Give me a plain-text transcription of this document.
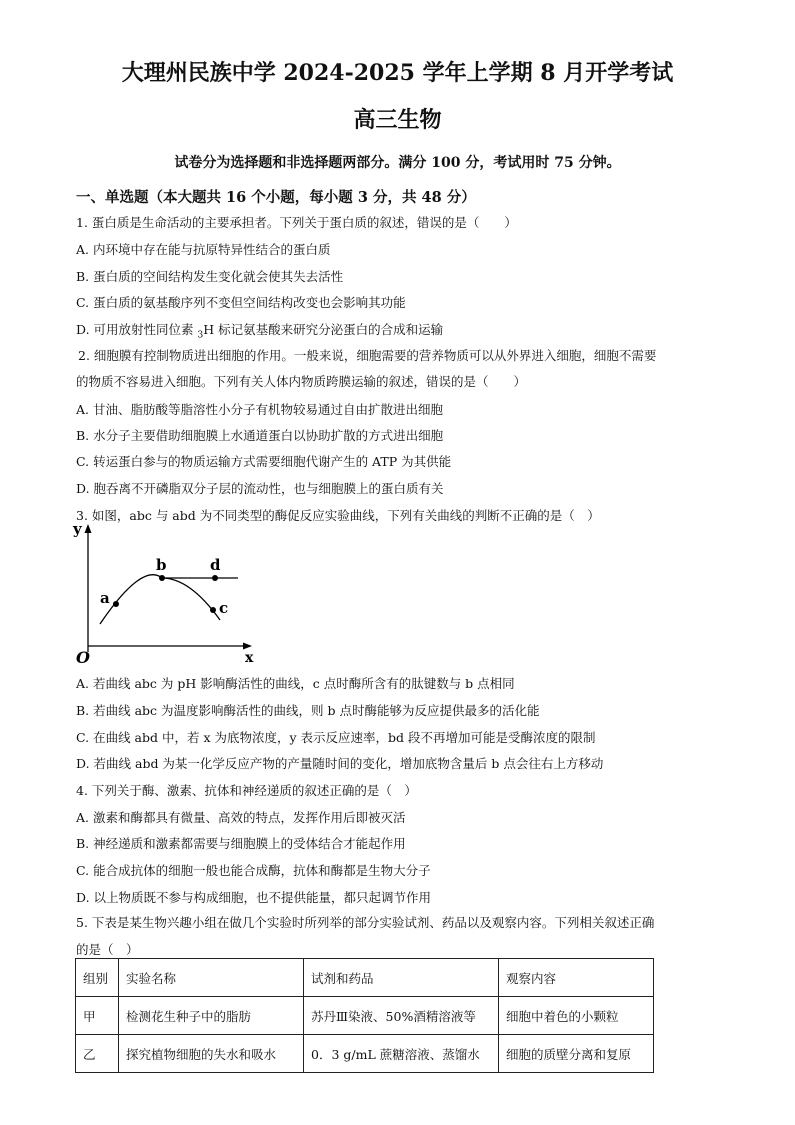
大理州民族中学 2024-2025 学年上学期 8 月开学考试
高三生物
试卷分为选择题和非选择题两部分。满分 100 分，考试用时 75 分钟。
一、单选题（本大题共 16 个小题，每小题 3 分，共 48 分）
1. 蛋白质是生命活动的主要承担者。下列关于蛋白质的叙述，错误的是（　　）
A. 内环境中存在能与抗原特异性结合的蛋白质
B. 蛋白质的空间结构发生变化就会使其失去活性
C. 蛋白质的氨基酸序列不变但空间结构改变也会影响其功能
D. 可用放射性同位素 $_3$H 标记氨基酸来研究分泌蛋白的合成和运输
2. 细胞膜有控制物质进出细胞的作用。一般来说，细胞需要的营养物质可以从外界进入细胞，细胞不需要
的物质不容易进入细胞。下列有关人体内物质跨膜运输的叙述，错误的是（　　）
A. 甘油、脂肪酸等脂溶性小分子有机物较易通过自由扩散进出细胞
B. 水分子主要借助细胞膜上水通道蛋白以协助扩散的方式进出细胞
C. 转运蛋白参与的物质运输方式需要细胞代谢产生的 ATP 为其供能
D. 胞吞离不开磷脂双分子层的流动性，也与细胞膜上的蛋白质有关
3. 如图，abc 与 abd 为不同类型的酶促反应实验曲线，下列有关曲线的判断不正确的是（　）
y
x
O
a
b	d
c
A. 若曲线 abc 为 pH 影响酶活性的曲线，c 点时酶所含有的肽键数与 b 点相同
B. 若曲线 abc 为温度影响酶活性的曲线，则 b 点时酶能够为反应提供最多的活化能
C. 在曲线 abd 中，若 x 为底物浓度，y 表示反应速率，bd 段不再增加可能是受酶浓度的限制
D. 若曲线 abd 为某一化学反应产物的产量随时间的变化，增加底物含量后 b 点会往右上方移动
4. 下列关于酶、激素、抗体和神经递质的叙述正确的是（　）
A. 激素和酶都具有微量、高效的特点，发挥作用后即被灭活
B. 神经递质和激素都需要与细胞膜上的受体结合才能起作用
C. 能合成抗体的细胞一般也能合成酶，抗体和酶都是生物大分子
D. 以上物质既不参与构成细胞，也不提供能量，都只起调节作用
5. 下表是某生物兴趣小组在做几个实验时所列举的部分实验试剂、药品以及观察内容。下列相关叙述正确
的是（　）
组别	实验名称	试剂和药品	观察内容
甲	检测花生种子中的脂肪	苏丹Ⅲ染液、50%酒精溶液等	细胞中着色的小颗粒
乙	探究植物细胞的失水和吸水	0．3 g/mL 蔗糖溶液、蒸馏水	细胞的质壁分离和复原
